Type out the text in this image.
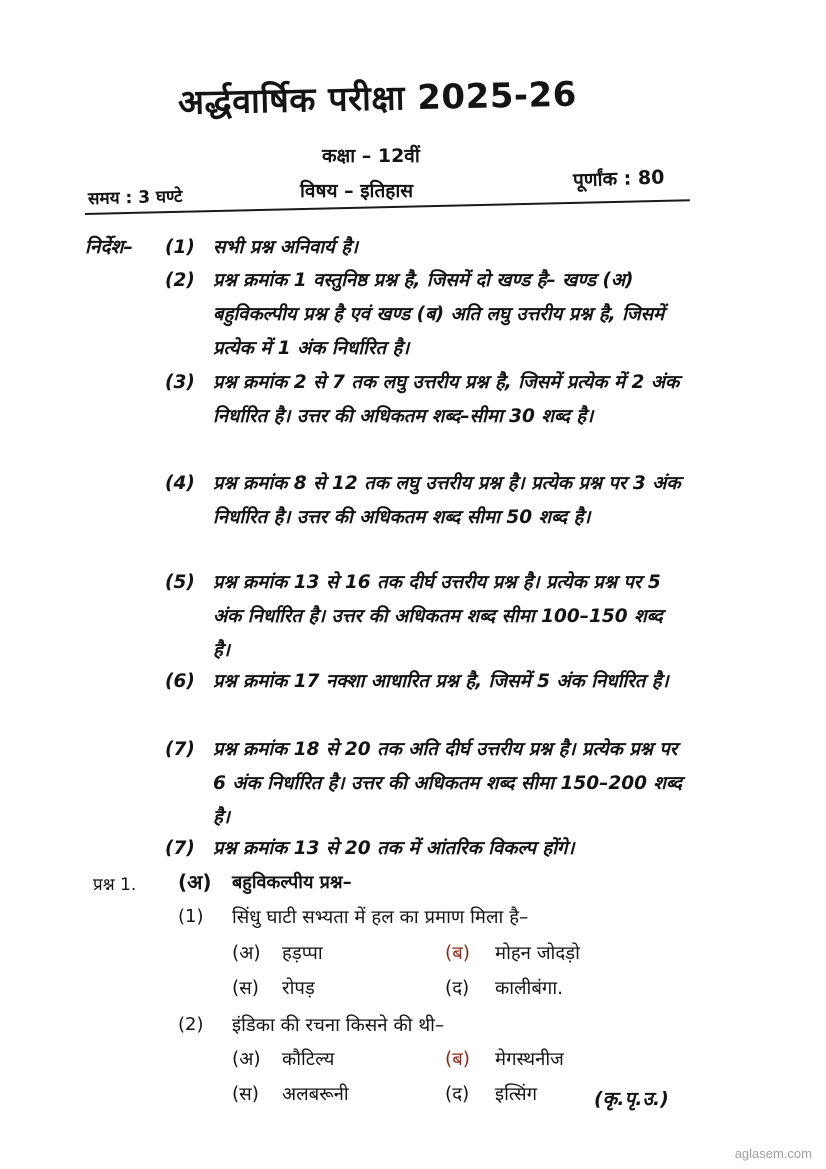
अर्द्धवार्षिक परीक्षा 2025-26
कक्षा – 12वीं
समय : 3 घण्टे	विषय – इतिहास	पूर्णांक : 80
निर्देश– (1) सभी प्रश्न अनिवार्य है।
(2) प्रश्न क्रमांक 1 वस्तुनिष्ठ प्रश्न है, जिसमें दो खण्ड है– खण्ड (अ) बहुविकल्पीय प्रश्न है एवं खण्ड (ब) अति लघु उत्तरीय प्रश्न है, जिसमें प्रत्येक में 1 अंक निर्धारित है।
(3) प्रश्न क्रमांक 2 से 7 तक लघु उत्तरीय प्रश्न है, जिसमें प्रत्येक में 2 अंक निर्धारित है। उत्तर की अधिकतम शब्द–सीमा 30 शब्द है।
(4) प्रश्न क्रमांक 8 से 12 तक लघु उत्तरीय प्रश्न है। प्रत्येक प्रश्न पर 3 अंक निर्धारित है। उत्तर की अधिकतम शब्द सीमा 50 शब्द है।
(5) प्रश्न क्रमांक 13 से 16 तक दीर्घ उत्तरीय प्रश्न है। प्रत्येक प्रश्न पर 5 अंक निर्धारित है। उत्तर की अधिकतम शब्द सीमा 100–150 शब्द है।
(6) प्रश्न क्रमांक 17 नक्शा आधारित प्रश्न है, जिसमें 5 अंक निर्धारित है।
(7) प्रश्न क्रमांक 18 से 20 तक अति दीर्घ उत्तरीय प्रश्न है। प्रत्येक प्रश्न पर 6 अंक निर्धारित है। उत्तर की अधिकतम शब्द सीमा 150–200 शब्द है।
(7) प्रश्न क्रमांक 13 से 20 तक में आंतरिक विकल्प होंगे।
प्रश्न 1. (अ) बहुविकल्पीय प्रश्न–
(1) सिंधु घाटी सभ्यता में हल का प्रमाण मिला है–
(अ) हड़प्पा	(ब) मोहन जोदड़ो
(स) रोपड़	(द) कालीबंगा.
(2) इंडिका की रचना किसने की थी–
(अ) कौटिल्य	(ब) मेगस्थनीज
(स) अलबरूनी	(द) इत्सिंग	(कृ.पृ.उ.)
aglasem.com
